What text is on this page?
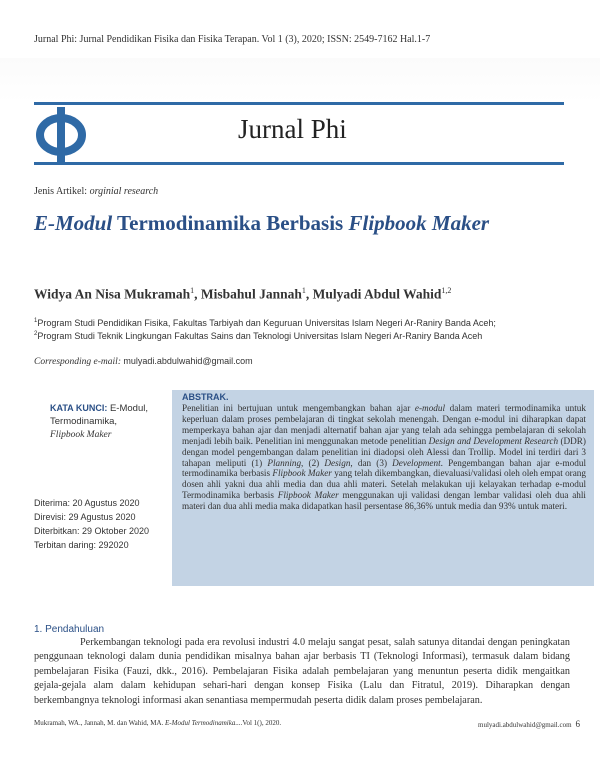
Jurnal Phi: Jurnal Pendidikan Fisika dan Fisika Terapan. Vol 1 (3), 2020; ISSN: 2549-7162 Hal.1-7
Jurnal Phi
Jenis Artikel: orginial research
E-Modul Termodinamika Berbasis Flipbook Maker
Widya An Nisa Mukramah$^1$, Misbahul Jannah$^1$, Mulyadi Abdul Wahid$^{1,2}$
$^1$Program Studi Pendidikan Fisika, Fakultas Tarbiyah dan Keguruan Universitas Islam Negeri Ar-Raniry Banda Aceh;
$^2$Program Studi Teknik Lingkungan Fakultas Sains dan Teknologi Universitas Islam Negeri Ar-Raniry Banda Aceh
Corresponding e-mail: mulyadi.abdulwahid@gmail.com
KATA KUNCI: E-Modul,
Termodinamika,
Flipbook Maker
Diterima: 20 Agustus 2020
Direvisi: 29 Agustus 2020
Diterbitkan: 29 Oktober 2020
Terbitan daring: 292020
ABSTRAK.
Penelitian ini bertujuan untuk mengembangkan bahan ajar e-modul dalam materi termodinamika untuk keperluan dalam proses pembelajaran di tingkat sekolah menengah. Dengan e-modul ini diharapkan dapat memperkaya bahan ajar dan menjadi alternatif bahan ajar yang telah ada sehingga pembelajaran di sekolah menjadi lebih baik. Penelitian ini menggunakan metode penelitian Design and Development Research (DDR) dengan model pengembangan dalam penelitian ini diadopsi oleh Alessi dan Trollip. Model ini terdiri dari 3 tahapan meliputi (1) Planning, (2) Design, dan (3) Development. Pengembangan bahan ajar e-modul termodinamika berbasis Flipbook Maker yang telah dikembangkan, dievaluasi/validasi oleh oleh empat orang dosen ahli yakni dua ahli media dan dua ahli materi. Setelah melakukan uji kelayakan terhadap e-modul Termodinamika berbasis Flipbook Maker menggunakan uji validasi dengan lembar validasi oleh dua ahli materi dan dua ahli media maka didapatkan hasil persentase 86,36% untuk media dan 93% untuk materi.
1. Pendahuluan

Perkembangan teknologi pada era revolusi industri 4.0 melaju sangat pesat, salah satunya ditandai dengan peningkatan penggunaan teknologi dalam dunia pendidikan misalnya bahan ajar berbasis TI (Teknologi Informasi), termasuk dalam bidang pembelajaran Fisika (Fauzi, dkk., 2016). Pembelajaran Fisika adalah pembelajaran yang menuntun peserta didik mengaitkan gejala-gejala alam dalam kehidupan sehari-hari dengan konsep Fisika (Lalu dan Fitratul, 2019). Diharapkan dengan berkembangnya teknologi informasi akan senantiasa mempermudah peserta didik dalam proses pembelajaran.

Mukramah, WA., Jannah, M. dan Wahid, MA. E-Modul Termodinamika....Vol 1(), 2020.	mulyadi.abdulwahid@gmail.com 6
